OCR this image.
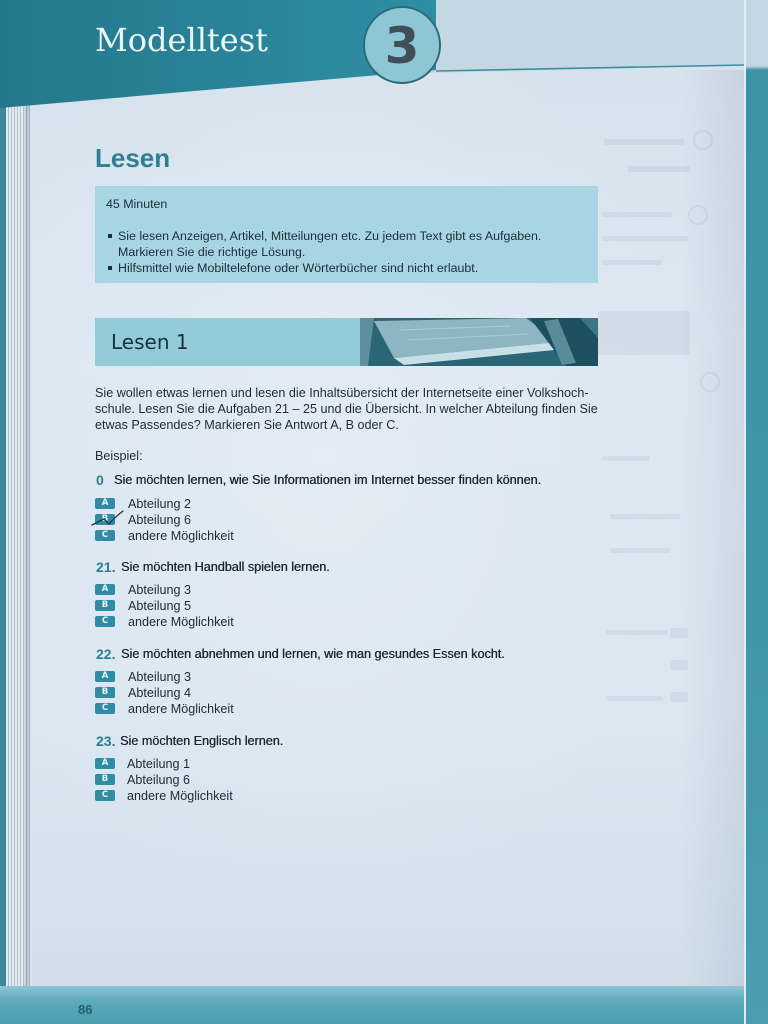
3
Modelltest
Lesen
45 Minuten
Sie lesen Anzeigen, Artikel, Mitteilungen etc. Zu jedem Text gibt es Aufgaben.
Markieren Sie die richtige Lösung.
Hilfsmittel wie Mobiltelefone oder Wörterbücher sind nicht erlaubt.
Lesen 1
Sie wollen etwas lernen und lesen die Inhaltsübersicht der Internetseite einer Volkshoch-
schule. Lesen Sie die Aufgaben 21 – 25 und die Übersicht. In welcher Abteilung finden Sie
etwas Passendes? Markieren Sie Antwort A, B oder C.
Beispiel:
0 Sie möchten lernen, wie Sie Informationen im Internet besser finden können.
A	Abteilung 2
B	Abteilung 6
C	andere Möglichkeit
21. Sie möchten Handball spielen lernen.
A	Abteilung 3
B	Abteilung 5
C	andere Möglichkeit
22. Sie möchten abnehmen und lernen, wie man gesundes Essen kocht.
A	Abteilung 3
B	Abteilung 4
C	andere Möglichkeit
23. Sie möchten Englisch lernen.
A	Abteilung 1
B	Abteilung 6
C	andere Möglichkeit
86
